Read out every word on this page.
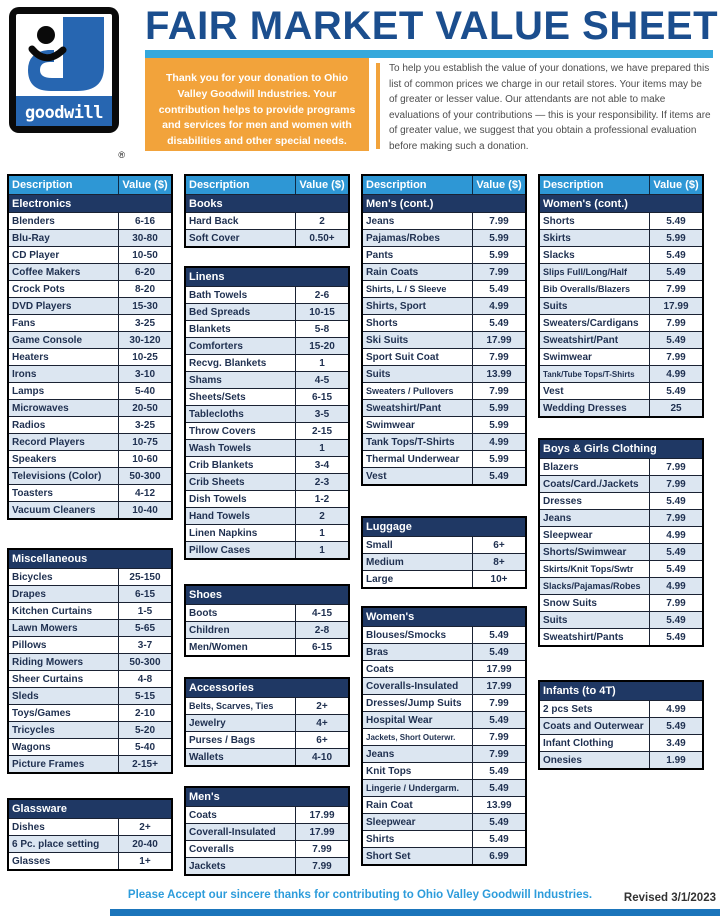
goodwill
®
FAIR MARKET VALUE SHEET
Thank you for your donation to Ohio Valley Goodwill Industries. Your contribution helps to provide programs and services for men and women with disabilities and other special needs.

To help you establish the value of your donations, we have prepared this list of common prices we charge in our retail stores. Your items may be of greater or lesser value. Our attendants are not able to make evaluations of your contributions — this is your responsibility. If items are of greater value, we suggest that you obtain a professional evaluation before making such a donation.

Description	Value ($)
Electronics
Blenders	6-16
Blu-Ray	30-80
CD Player	10-50
Coffee Makers	6-20
Crock Pots	8-20
DVD Players	15-30
Fans	3-25
Game Console	30-120
Heaters	10-25
Irons	3-10
Lamps	5-40
Microwaves	20-50
Radios	3-25
Record Players	10-75
Speakers	10-60
Televisions (Color)	50-300
Toasters	4-12
Vacuum Cleaners	10-40
Miscellaneous
Bicycles	25-150
Drapes	6-15
Kitchen Curtains	1-5
Lawn Mowers	5-65
Pillows	3-7
Riding Mowers	50-300
Sheer Curtains	4-8
Sleds	5-15
Toys/Games	2-10
Tricycles	5-20
Wagons	5-40
Picture Frames	2-15+
Glassware
Dishes	2+
6 Pc. place setting	20-40
Glasses	1+
Description	Value ($)
Books
Hard Back	2
Soft Cover	0.50+
Linens
Bath Towels	2-6
Bed Spreads	10-15
Blankets	5-8
Comforters	15-20
Recvg. Blankets	1
Shams	4-5
Sheets/Sets	6-15
Tablecloths	3-5
Throw Covers	2-15
Wash Towels	1
Crib Blankets	3-4
Crib Sheets	2-3
Dish Towels	1-2
Hand Towels	2
Linen Napkins	1
Pillow Cases	1
Shoes
Boots	4-15
Children	2-8
Men/Women	6-15
Accessories
Belts, Scarves, Ties	2+
Jewelry	4+
Purses / Bags	6+
Wallets	4-10
Men's
Coats	17.99
Coverall-Insulated	17.99
Coveralls	7.99
Jackets	7.99
Description	Value ($)
Men's (cont.)
Jeans	7.99
Pajamas/Robes	5.99
Pants	5.99
Rain Coats	7.99
Shirts, L / S Sleeve	5.49
Shirts, Sport	4.99
Shorts	5.49
Ski Suits	17.99
Sport Suit Coat	7.99
Suits	13.99
Sweaters / Pullovers	7.99
Sweatshirt/Pant	5.99
Swimwear	5.99
Tank Tops/T-Shirts	4.99
Thermal Underwear	5.99
Vest	5.49
Luggage
Small	6+
Medium	8+
Large	10+
Women's
Blouses/Smocks	5.49
Bras	5.49
Coats	17.99
Coveralls-Insulated	17.99
Dresses/Jump Suits	7.99
Hospital Wear	5.49
Jackets, Short Outerwr.	7.99
Jeans	7.99
Knit Tops	5.49
Lingerie / Undergarm.	5.49
Rain Coat	13.99
Sleepwear	5.49
Shirts	5.49
Short Set	6.99
Description	Value ($)
Women's (cont.)
Shorts	5.49
Skirts	5.99
Slacks	5.49
Slips Full/Long/Half	5.49
Bib Overalls/Blazers	7.99
Suits	17.99
Sweaters/Cardigans	7.99
Sweatshirt/Pant	5.49
Swimwear	7.99
Tank/Tube Tops/T-Shirts	4.99
Vest	5.49
Wedding Dresses	25
Boys & Girls Clothing
Blazers	7.99
Coats/Card./Jackets	7.99
Dresses	5.49
Jeans	7.99
Sleepwear	4.99
Shorts/Swimwear	5.49
Skirts/Knit Tops/Swtr	5.49
Slacks/Pajamas/Robes	4.99
Snow Suits	7.99
Suits	5.49
Sweatshirt/Pants	5.49
Infants (to 4T)
2 pcs Sets	4.99
Coats and Outerwear	5.49
Infant Clothing	3.49
Onesies	1.99
Please Accept our sincere thanks for contributing to Ohio Valley Goodwill Industries.	Revised 3/1/2023
